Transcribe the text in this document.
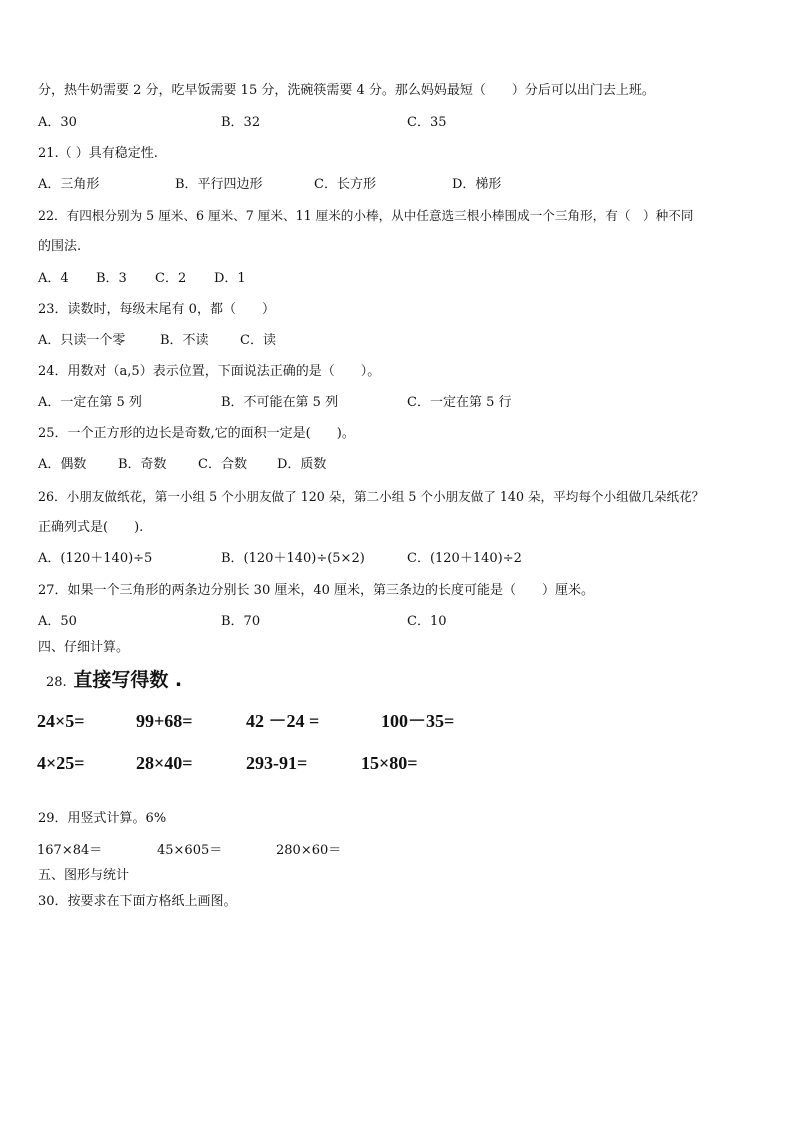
分，热牛奶需要 2 分，吃早饭需要 15 分，洗碗筷需要 4 分。那么妈妈最短（　　）分后可以出门去上班。
A．30	B．32	C．35
21.（ ）具有稳定性.
A．三角形	B．平行四边形	C．长方形	D．梯形
22．有四根分别为 5 厘米、6 厘米、7 厘米、11 厘米的小棒，从中任意选三根小棒围成一个三角形，有（　）种不同
的围法.
A．4 B．3 C．2 D．1
23．读数时，每级末尾有 0，都（　　）
A．只读一个零	B．不读 C．读
24．用数对（a,5）表示位置，下面说法正确的是（　　）。
A．一定在第 5 列	B．不可能在第 5 列	C．一定在第 5 行
25．一个正方形的边长是奇数,它的面积一定是(　　)。
A．偶数 B．奇数 C．合数 D．质数
26．小朋友做纸花，第一小组 5 个小朋友做了 120 朵，第二小组 5 个小朋友做了 140 朵，平均每个小组做几朵纸花？
正确列式是(　　).
A．(120＋140)÷5	B．(120＋140)÷(5×2)	C．(120＋140)÷2
27．如果一个三角形的两条边分别长 30 厘米，40 厘米，第三条边的长度可能是（　　）厘米。
A．50	B．70	C．10
四、仔细计算。
28. 直接写得数 .
24×5=	99+68=	42 －24 =	100－35=
4×25=	28×40=	293-91=	15×80=
29．用竖式计算。6%
167×84＝	45×605＝	280×60＝
五、图形与统计
30．按要求在下面方格纸上画图。
